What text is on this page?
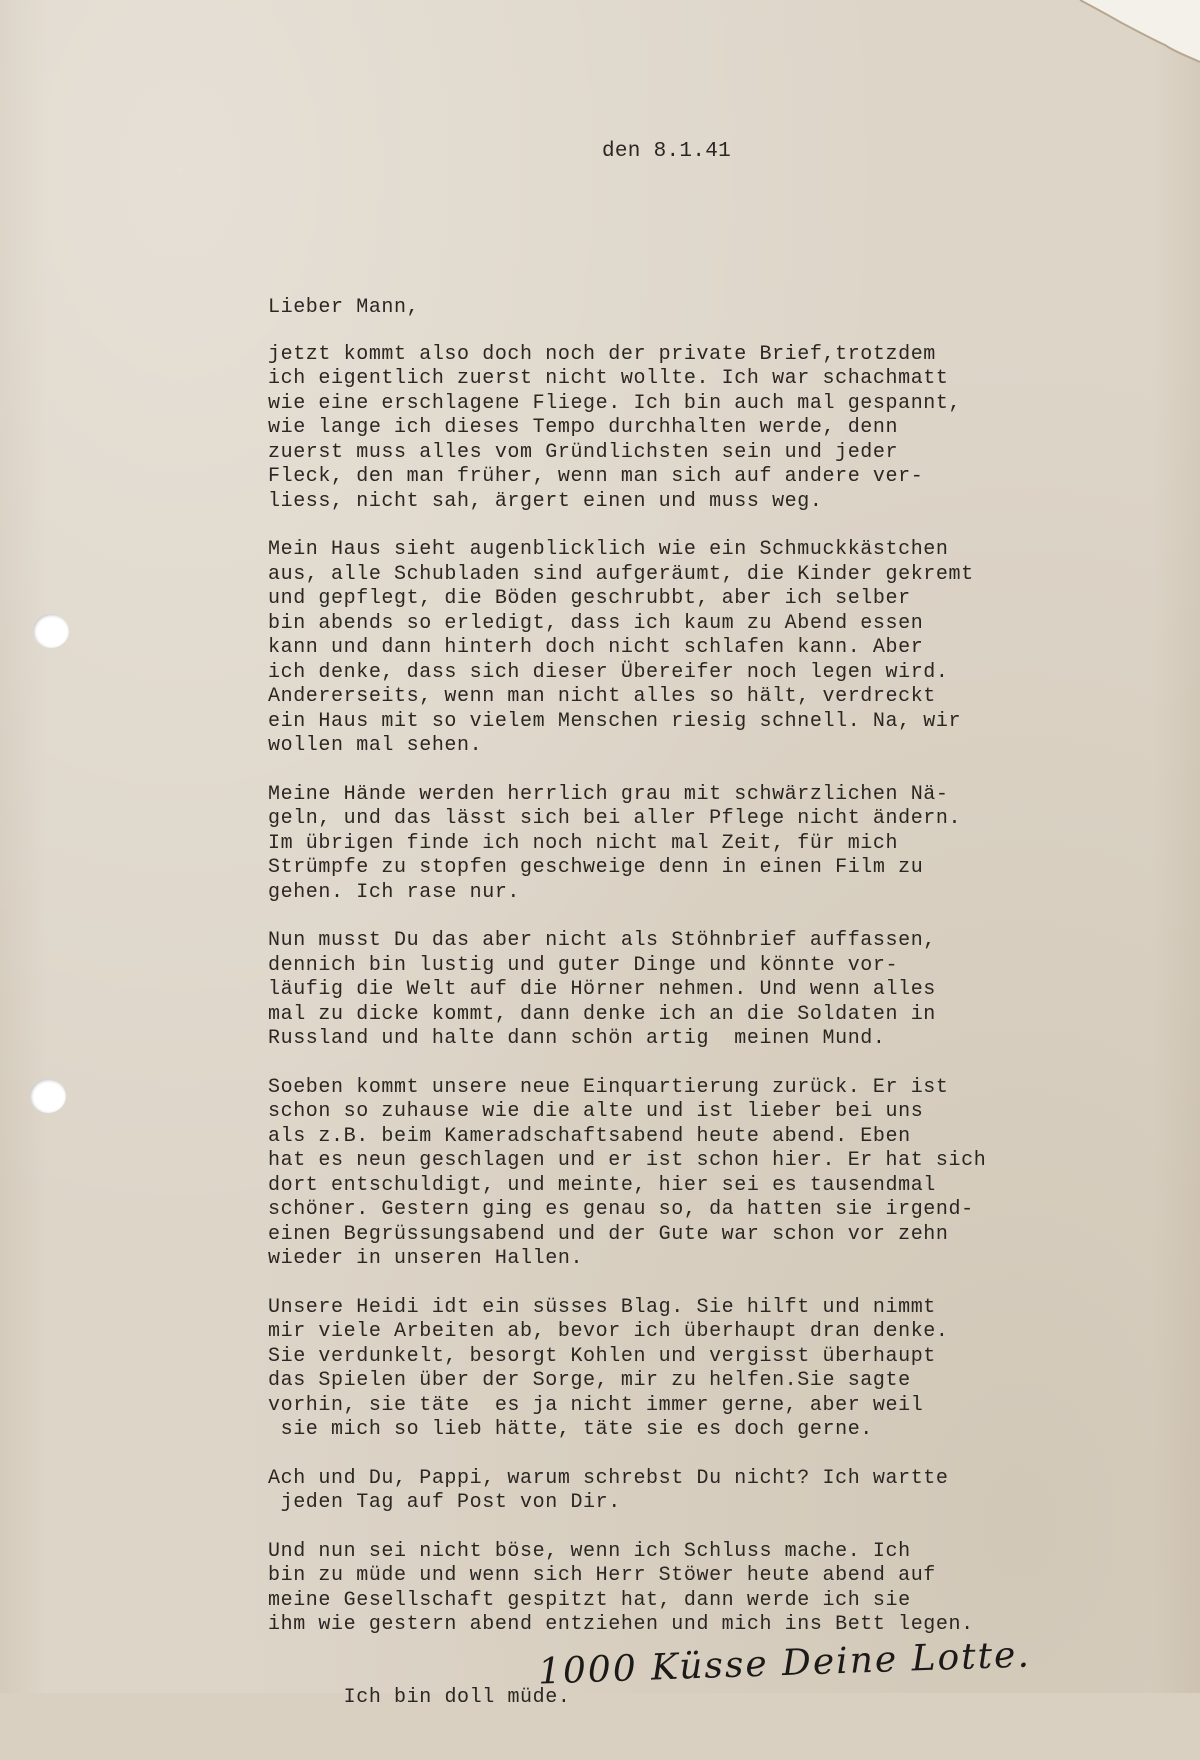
den 8.1.41
Lieber Mann,
jetzt kommt also doch noch der private Brief,trotzdem
ich eigentlich zuerst nicht wollte. Ich war schachmatt
wie eine erschlagene Fliege. Ich bin auch mal gespannt,
wie lange ich dieses Tempo durchhalten werde, denn
zuerst muss alles vom Gründlichsten sein und jeder
Fleck, den man früher, wenn man sich auf andere ver-
liess, nicht sah, ärgert einen und muss weg.
Mein Haus sieht augenblicklich wie ein Schmuckkästchen
aus, alle Schubladen sind aufgeräumt, die Kinder gekremt
und gepflegt, die Böden geschrubbt, aber ich selber
bin abends so erledigt, dass ich kaum zu Abend essen
kann und dann hinterh doch nicht schlafen kann. Aber
ich denke, dass sich dieser Übereifer noch legen wird.
Andererseits, wenn man nicht alles so hält, verdreckt
ein Haus mit so vielem Menschen riesig schnell. Na, wir
wollen mal sehen.
Meine Hände werden herrlich grau mit schwärzlichen Nä-
geln, und das lässt sich bei aller Pflege nicht ändern.
Im übrigen finde ich noch nicht mal Zeit, für mich
Strümpfe zu stopfen geschweige denn in einen Film zu
gehen. Ich rase nur.
Nun musst Du das aber nicht als Stöhnbrief auffassen,
dennich bin lustig und guter Dinge und könnte vor-
läufig die Welt auf die Hörner nehmen. Und wenn alles
mal zu dicke kommt, dann denke ich an die Soldaten in
Russland und halte dann schön artig  meinen Mund.
Soeben kommt unsere neue Einquartierung zurück. Er ist
schon so zuhause wie die alte und ist lieber bei uns
als z.B. beim Kameradschaftsabend heute abend. Eben
hat es neun geschlagen und er ist schon hier. Er hat sich
dort entschuldigt, und meinte, hier sei es tausendmal
schöner. Gestern ging es genau so, da hatten sie irgend-
einen Begrüssungsabend und der Gute war schon vor zehn
wieder in unseren Hallen.
Unsere Heidi idt ein süsses Blag. Sie hilft und nimmt
mir viele Arbeiten ab, bevor ich überhaupt dran denke.
Sie verdunkelt, besorgt Kohlen und vergisst überhaupt
das Spielen über der Sorge, mir zu helfen.Sie sagte
vorhin, sie täte  es ja nicht immer gerne, aber weil
sie mich so lieb hätte, täte sie es doch gerne.
Ach und Du, Pappi, warum schrebst Du nicht? Ich wartte
jeden Tag auf Post von Dir.
Und nun sei nicht böse, wenn ich Schluss mache. Ich
bin zu müde und wenn sich Herr Stöwer heute abend auf
meine Gesellschaft gespitzt hat, dann werde ich sie
ihm wie gestern abend entziehen und mich ins Bett legen.

Ich bin doll müde.

1000 Küsse Deine Lotte.
